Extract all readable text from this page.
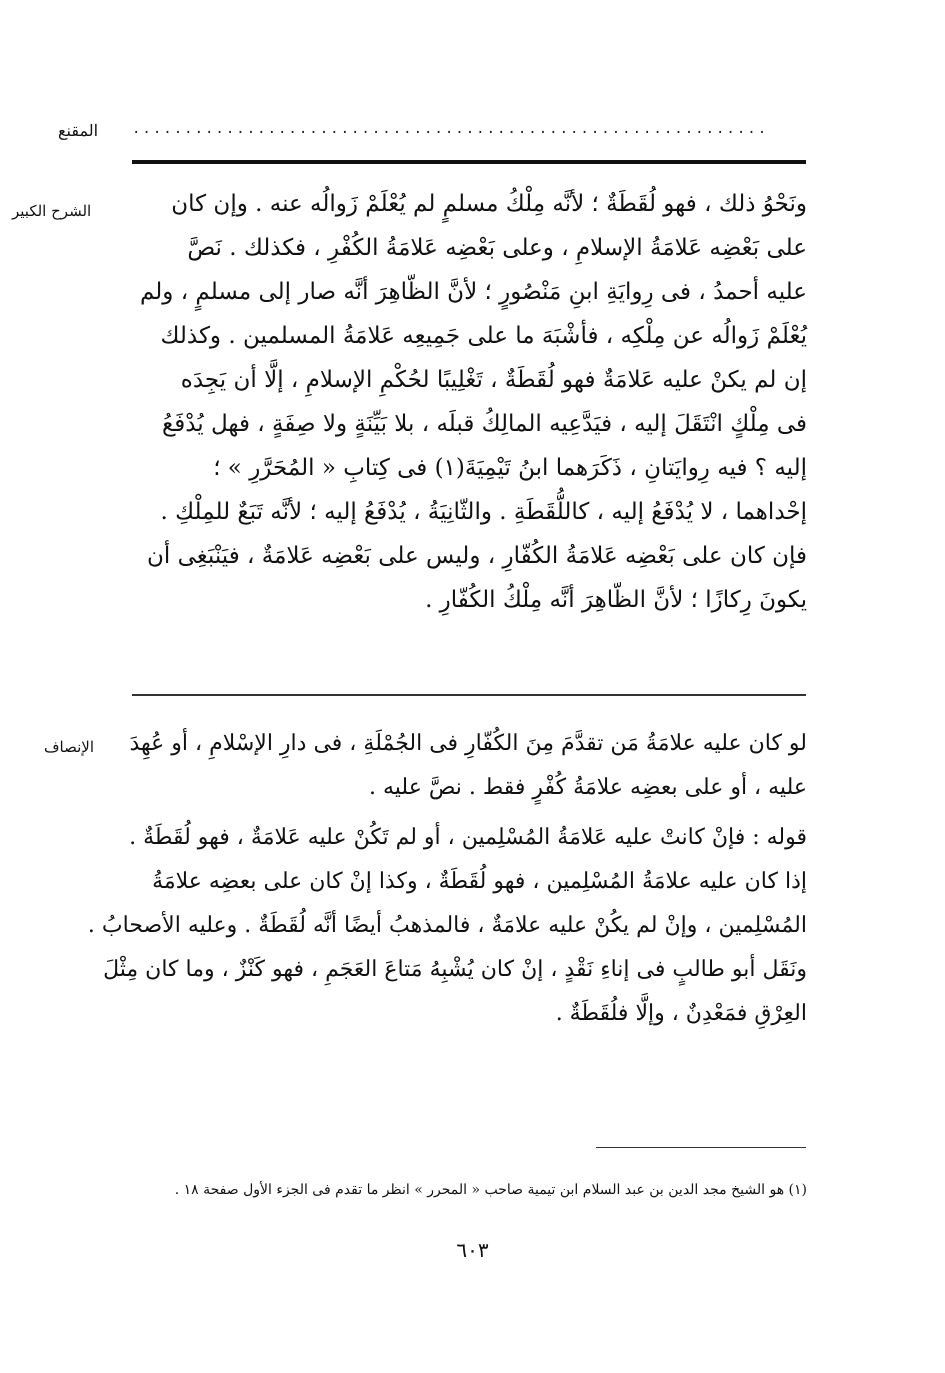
المقنع .............................................................
الشرح الكبير	ونَحْوُ ذلك ، فهو لُقَطَةٌ ؛ لأنَّه مِلْكُ مسلمٍ لم يُعْلَمْ زَوالُه عنه . وإن كان
على بَعْضِه عَلامَةُ الإسلامِ ، وعلى بَعْضِه عَلامَةُ الكُفْرِ ، فكذلك . نَصَّ
عليه أحمدُ ، فى رِوايَةِ ابنِ مَنْصُورٍ ؛ لأنَّ الظّاهِرَ أنَّه صار إلى مسلمٍ ، ولم
يُعْلَمْ زَوالُه عن مِلْكِه ، فأشْبَهَ ما على جَمِيعِه عَلامَةُ المسلمين . وكذلك
إن لم يكنْ عليه عَلامَةٌ فهو لُقَطَةٌ ، تَغْلِيبًا لحُكْمِ الإسلامِ ، إلَّا أن يَجِدَه
فى مِلْكٍ انْتَقَلَ إليه ، فيَدَّعِيه المالِكُ قبلَه ، بلا بَيِّنَةٍ ولا صِفَةٍ ، فهل يُدْفَعُ
إليه ؟ فيه رِوايَتانِ ، ذَكَرَهما ابنُ تَيْمِيَةَ(١) فى كِتابِ « المُحَرَّرِ » ؛
إحْداهما ، لا يُدْفَعُ إليه ، كاللُّقَطَةِ . والثّانِيَةُ ، يُدْفَعُ إليه ؛ لأنَّه تَبَعٌ للمِلْكِ .
فإن كان على بَعْضِه عَلامَةُ الكُفّارِ ، وليس على بَعْضِه عَلامَةٌ ، فيَنْبَغِى أن
يكونَ رِكازًا ؛ لأنَّ الظّاهِرَ أنَّه مِلْكُ الكُفّارِ .
الإنصاف لو كان عليه علامَةُ مَن تقدَّمَ مِنَ الكُفّارِ فى الجُمْلَةِ ، فى دارِ الإسْلامِ ، أو عُهِدَ
عليه ، أو على بعضِه علامَةُ كُفْرٍ فقط . نصَّ عليه .
قوله : فإنْ كانتْ عليه عَلامَةُ المُسْلِمين ، أو لم تَكُنْ عليه عَلامَةٌ ، فهو لُقَطَةٌ .
إذا كان عليه علامَةُ المُسْلِمين ، فهو لُقَطَةٌ ، وكذا إنْ كان على بعضِه علامَةُ
المُسْلِمين ، وإنْ لم يكُنْ عليه علامَةٌ ، فالمذهبُ أيضًا أنَّه لُقَطَةٌ . وعليه الأصحابُ .
ونَقَل أبو طالبٍ فى إناءِ نَقْدٍ ، إنْ كان يُشْبِهُ مَتاعَ العَجَمِ ، فهو كَنْزٌ ، وما كان مِثْلَ
العِرْقِ فمَعْدِنٌ ، وإلَّا فلُقَطَةٌ .
(١) هو الشيخ مجد الدين بن عبد السلام ابن تيمية صاحب « المحرر » انظر ما تقدم فى الجزء الأول صفحة ١٨ .
٦٠٣
